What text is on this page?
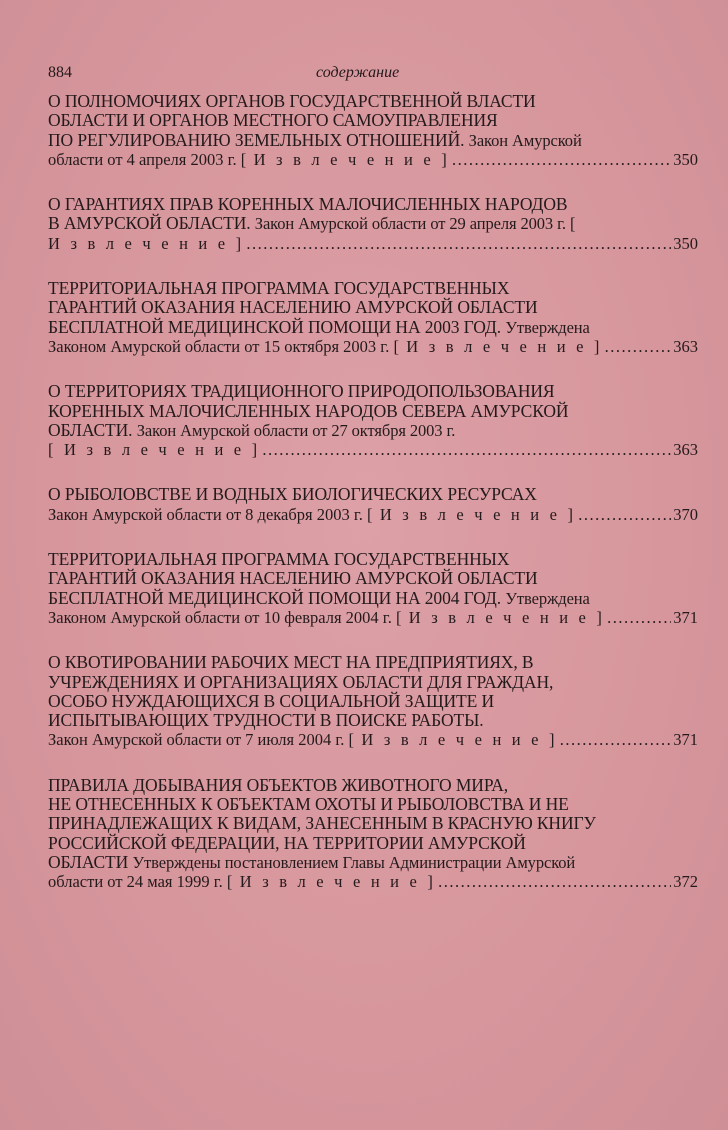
884	содержание
О ПОЛНОМОЧИЯХ ОРГАНОВ ГОСУДАРСТВЕННОЙ ВЛАСТИ
ОБЛАСТИ И ОРГАНОВ МЕСТНОГО САМОУПРАВЛЕНИЯ
ПО РЕГУЛИРОВАНИЮ ЗЕМЕЛЬНЫХ ОТНОШЕНИЙ. Закон Амурской
области от 4 апреля 2003 г. [ И з в л е ч е н и е ] .....	350
О ГАРАНТИЯХ ПРАВ КОРЕННЫХ МАЛОЧИСЛЕННЫХ НАРОДОВ
В АМУРСКОЙ ОБЛАСТИ. Закон Амурской области от 29 апреля 2003 г. [
И з в л е ч е н и е ] .....	350
ТЕРРИТОРИАЛЬНАЯ ПРОГРАММА ГОСУДАРСТВЕННЫХ
ГАРАНТИЙ ОКАЗАНИЯ НАСЕЛЕНИЮ АМУРСКОЙ ОБЛАСТИ
БЕСПЛАТНОЙ МЕДИЦИНСКОЙ ПОМОЩИ НА 2003 ГОД. Утверждена
Законом Амурской области от 15 октября 2003 г. [ И з в л е ч е н и е ] .....	363
О ТЕРРИТОРИЯХ ТРАДИЦИОННОГО ПРИРОДОПОЛЬЗОВАНИЯ
КОРЕННЫХ МАЛОЧИСЛЕННЫХ НАРОДОВ СЕВЕРА АМУРСКОЙ
ОБЛАСТИ. Закон Амурской области от 27 октября 2003 г.
[ И з в л е ч е н и е ] .....	363
О РЫБОЛОВСТВЕ И ВОДНЫХ БИОЛОГИЧЕСКИХ РЕСУРСАХ
Закон Амурской области от 8 декабря 2003 г. [ И з в л е ч е н и е ] .....	370
ТЕРРИТОРИАЛЬНАЯ ПРОГРАММА ГОСУДАРСТВЕННЫХ
ГАРАНТИЙ ОКАЗАНИЯ НАСЕЛЕНИЮ АМУРСКОЙ ОБЛАСТИ
БЕСПЛАТНОЙ МЕДИЦИНСКОЙ ПОМОЩИ НА 2004 ГОД. Утверждена
Законом Амурской области от 10 февраля 2004 г. [ И з в л е ч е н и е ] .....	371
О КВОТИРОВАНИИ РАБОЧИХ МЕСТ НА ПРЕДПРИЯТИЯХ, В
УЧРЕЖДЕНИЯХ И ОРГАНИЗАЦИЯХ ОБЛАСТИ ДЛЯ ГРАЖДАН,
ОСОБО НУЖДАЮЩИХСЯ В СОЦИАЛЬНОЙ ЗАЩИТЕ И
ИСПЫТЫВАЮЩИХ ТРУДНОСТИ В ПОИСКЕ РАБОТЫ.
Закон Амурской области от 7 июля 2004 г. [ И з в л е ч е н и е ] .....	371
ПРАВИЛА ДОБЫВАНИЯ ОБЪЕКТОВ ЖИВОТНОГО МИРА,
НЕ ОТНЕСЕННЫХ К ОБЪЕКТАМ ОХОТЫ И РЫБОЛОВСТВА И НЕ
ПРИНАДЛЕЖАЩИХ К ВИДАМ, ЗАНЕСЕННЫМ В КРАСНУЮ КНИГУ
РОССИЙСКОЙ ФЕДЕРАЦИИ, НА ТЕРРИТОРИИ АМУРСКОЙ
ОБЛАСТИ Утверждены постановлением Главы Администрации Амурской
области от 24 мая 1999 г. [ И з в л е ч е н и е ] .....	372
